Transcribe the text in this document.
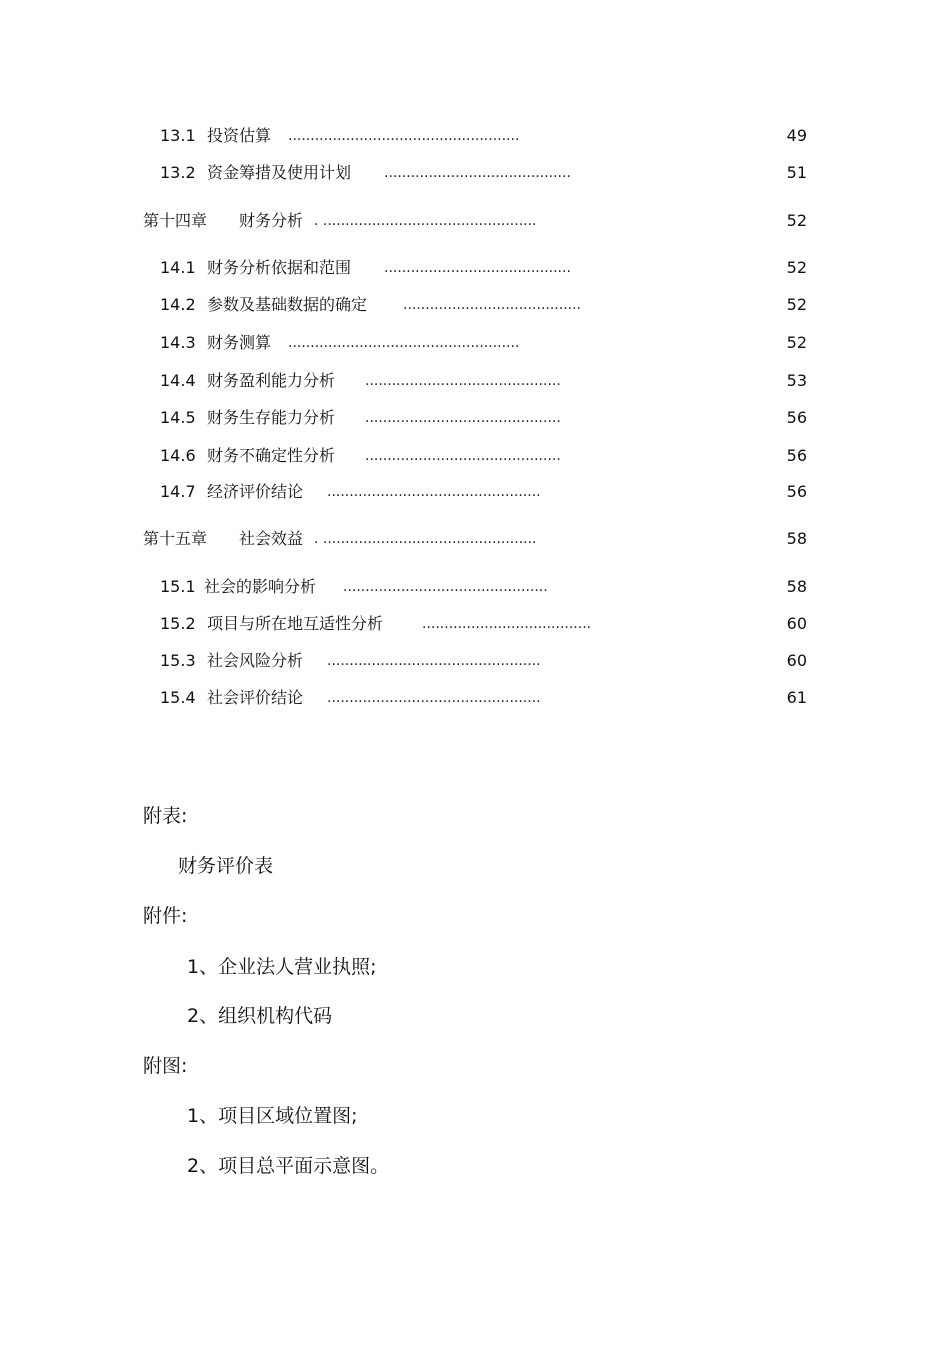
13.1 投资估算 ....................................................	49
13.2 资金筹措及使用计划 ..........................................	51
第十四章 财务分析 . ................................................	52
14.1 财务分析依据和范围 ..........................................	52
14.2 参数及基础数据的确定	........................................	52
14.3 财务测算 ....................................................	52
14.4 财务盈利能力分析 ............................................	53
14.5 财务生存能力分析 ............................................	56
14.6 财务不确定性分析 ............................................	56
14.7 经济评价结论 ................................................	56
第十五章 社会效益 . ................................................	58
15.1 社会的影响分析 ..............................................	58
15.2 项目与所在地互适性分析	......................................	60
15.3 社会风险分析 ................................................	60
15.4 社会评价结论 ................................................	61
附表:
财务评价表
附件:
1、企业法人营业执照;
2、组织机构代码
附图:
1、项目区域位置图;
2、项目总平面示意图。
